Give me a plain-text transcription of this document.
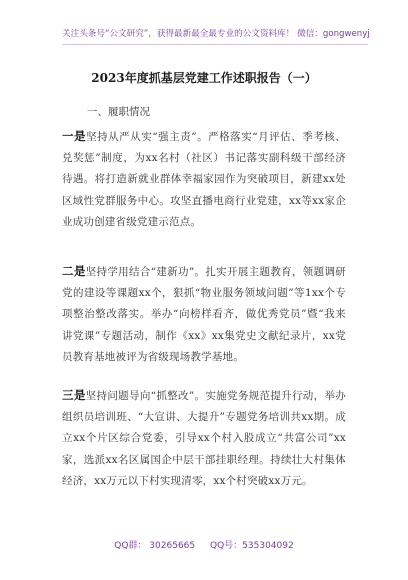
关注头条号“公文研究”，获得最新最全最专业的公文资料库！ 微信：gongwenyj
2023年度抓基层党建工作述职报告（一）
一、履职情况
一是坚持从严从实“强主责”。严格落实“月评估、季考核、兑奖惩”制度，为xx名村（社区）书记落实副科级干部经济待遇。将打造新就业群体幸福家园作为突破项目，新建xx处区域性党群服务中心。攻坚直播电商行业党建，xx等xx家企业成功创建省级党建示范点。
二是坚持学用结合“建新功”。扎实开展主题教育，领题调研党的建设等课题xx个，狠抓“物业服务领域问题”等1xx个专项整治整改落实。举办“向榜样看齐，做优秀党员”暨“我来讲党课”专题活动，制作《xx》xx集党史文献纪录片，xx党员教育基地被评为省级现场教学基地。
三是坚持问题导向“抓整改”。实施党务规范提升行动，举办组织员培训班、“大宣讲、大提升”专题党务培训共xx期。成立xx个片区综合党委，引导xx个村入股成立“共富公司”xx家，选派xx名区属国企中层干部挂职经理。持续壮大村集体经济，xx万元以下村实现清零，xx个村突破xx万元。
QQ群： 30265665 QQ号：535304092
